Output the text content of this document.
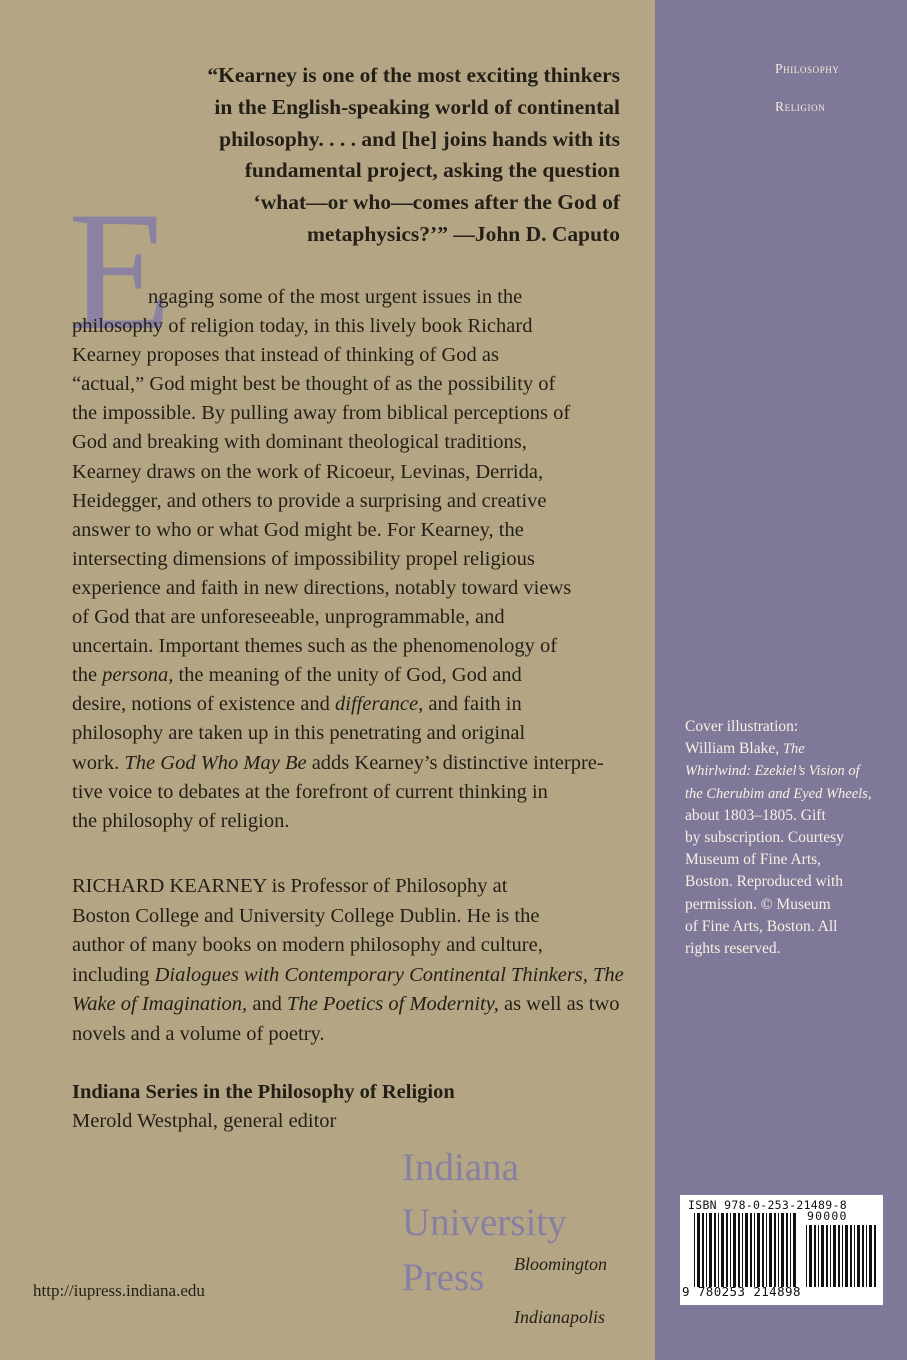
“Kearney is one of the most exciting thinkers
in the English-speaking world of continental
philosophy. . . . and [he] joins hands with its
fundamental project, asking the question
‘what—or who—comes after the God of
metaphysics?’” —John D. Caputo
E
ngaging some of the most urgent issues in the
philosophy of religion today, in this lively book Richard
Kearney proposes that instead of thinking of God as
“actual,” God might best be thought of as the possibility of
the impossible. By pulling away from biblical perceptions of
God and breaking with dominant theological traditions,
Kearney draws on the work of Ricoeur, Levinas, Derrida,
Heidegger, and others to provide a surprising and creative
answer to who or what God might be. For Kearney, the
intersecting dimensions of impossibility propel religious
experience and faith in new directions, notably toward views
of God that are unforeseeable, unprogrammable, and
uncertain. Important themes such as the phenomenology of
the persona, the meaning of the unity of God, God and
desire, notions of existence and differance, and faith in
philosophy are taken up in this penetrating and original
work. The God Who May Be adds Kearney’s distinctive interpre-
tive voice to debates at the forefront of current thinking in
the philosophy of religion.
RICHARD KEARNEY is Professor of Philosophy at
Boston College and University College Dublin. He is the
author of many books on modern philosophy and culture,
including Dialogues with Contemporary Continental Thinkers, The
Wake of Imagination, and The Poetics of Modernity, as well as two
novels and a volume of poetry.
Indiana Series in the Philosophy of Religion
Merold Westphal, general editor
Indiana
University
Press	Bloomington
Indianapolis
http://iupress.indiana.edu
Philosophy
Religion
Cover illustration:
William Blake, The
Whirlwind: Ezekiel’s Vision of
the Cherubim and Eyed Wheels,
about 1803–1805. Gift
by subscription. Courtesy
Museum of Fine Arts,
Boston. Reproduced with
permission. © Museum
of Fine Arts, Boston. All
rights reserved.
ISBN 978-0-253-21489-8
90000
9 780253 214898
